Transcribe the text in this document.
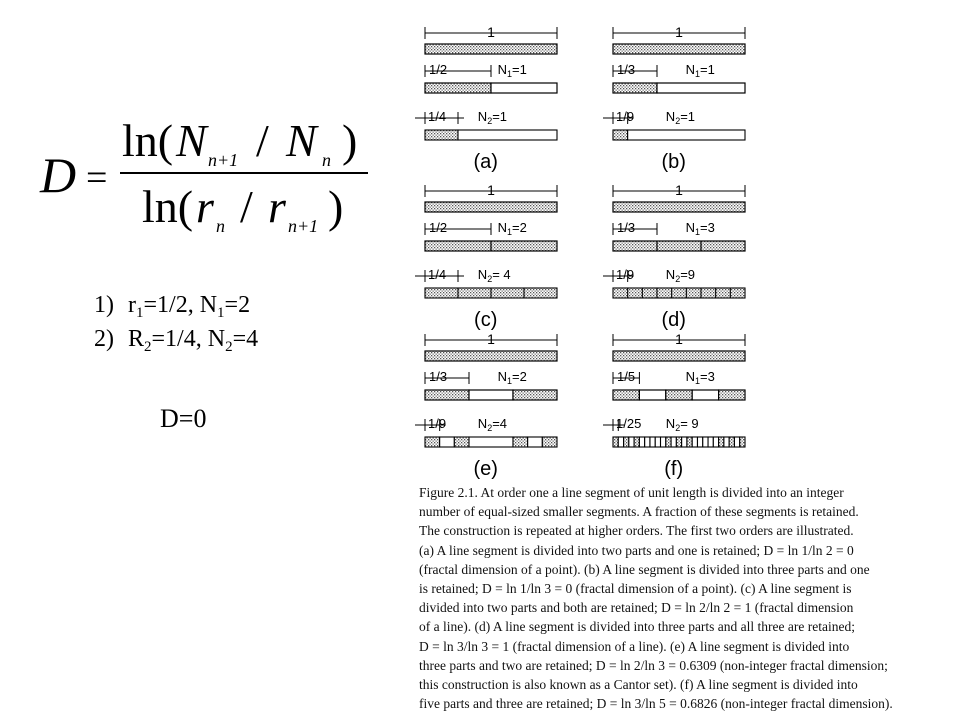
D =
ln( N n+1 / N n )
ln( r n / r n+1 )
1) $r_1=1/2$, $N_1=2$
2) $R_2=1/4$, $N_2=4$
D=0
1
1/2	$N_1=1$
1/4 $N_2=1$
(a)
1
1/3	$N_1=1$
1/9 $N_2=1$
(b)
1
1/2	$N_1=2$
1/4 $N_2= 4$
(c)
1
1/3	$N_1=3$
1/9 $N_2=9$
(d)
1
1/3	$N_1=2$
1/9 $N_2=4$
(e)
1
1/5	$N_1=3$
1/25 $N_2= 9$
(f)
Figure 2.1. At order one a line segment of unit length is divided into an integer
number of equal-sized smaller segments. A fraction of these segments is retained.
The construction is repeated at higher orders. The first two orders are illustrated.
(a) A line segment is divided into two parts and one is retained; D = ln 1/ln 2 = 0
(fractal dimension of a point). (b) A line segment is divided into three parts and one
is retained; D = ln 1/ln 3 = 0 (fractal dimension of a point). (c) A line segment is
divided into two parts and both are retained; D = ln 2/ln 2 = 1 (fractal dimension
of a line). (d) A line segment is divided into three parts and all three are retained;
D = ln 3/ln 3 = 1 (fractal dimension of a line). (e) A line segment is divided into
three parts and two are retained; D = ln 2/ln 3 = 0.6309 (non-integer fractal dimension;
this construction is also known as a Cantor set). (f) A line segment is divided into
five parts and three are retained; D = ln 3/ln 5 = 0.6826 (non-integer fractal dimension).
